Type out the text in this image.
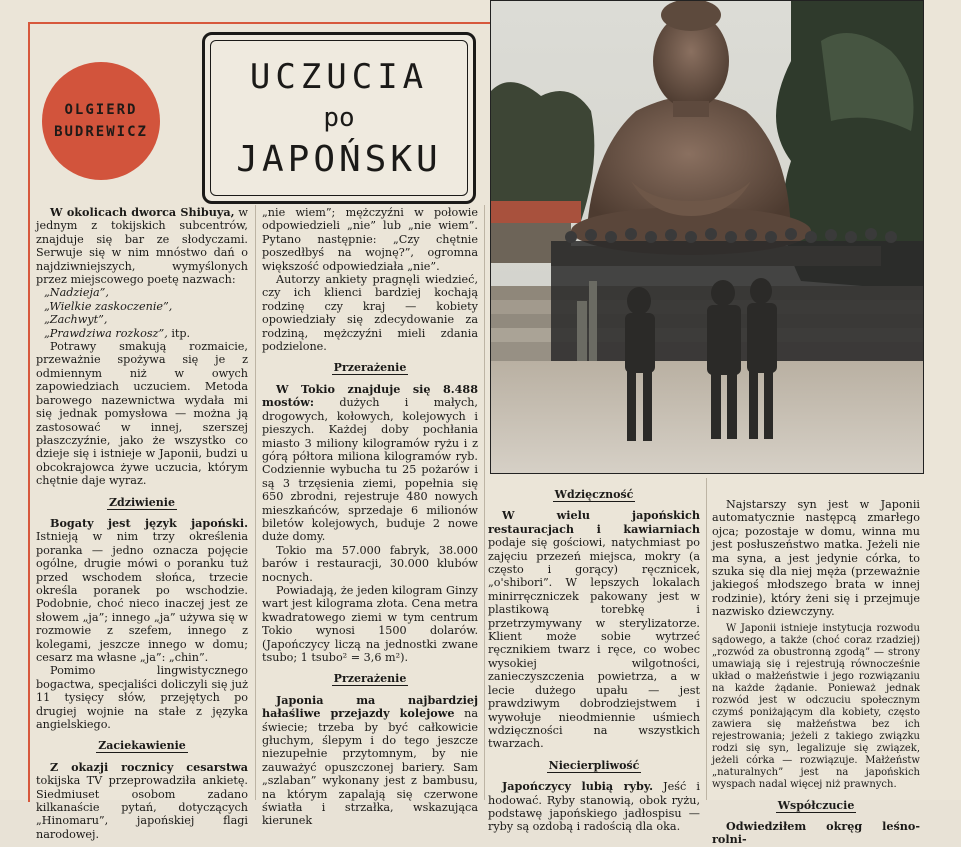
OLGIERD
BUDREWICZ
UCZUCIA
po
JAPOŃSKU

W okolicach dworca Shibuya, w jednym z tokijskich subcentrów, znajduje się bar ze słodyczami. Serwuje się w nim mnóstwo dań o najdziwniejszych, wymyślonych przez miejscowego poetę nazwach:

„Nadzieja”,

„Wielkie zaskoczenie”,

„Zachwyt”,

„Prawdziwa rozkosz”, itp.

Potrawy smakują rozmaicie, przeważnie spożywa się je z odmiennym niż w owych zapowiedziach uczuciem. Metoda barowego nazewnictwa wydała mi się jednak pomysłowa — można ją zastosować w innej, szerszej płaszczyźnie, jako że wszystko co dzieje się i istnieje w Japonii, budzi u obcokrajowca żywe uczucia, którym chętnie daje wyraz.

Zdziwienie

Bogaty jest język japoński. Istnieją w nim trzy określenia poranka — jedno oznacza pojęcie ogólne, drugie mówi o poranku tuż przed wschodem słońca, trzecie określa poranek po wschodzie. Podobnie, choć nieco inaczej jest ze słowem „ja”; innego „ja” używa się w rozmowie z szefem, innego z kolegami, jeszcze innego w domu; cesarz ma własne „ja”: „chin”.

Pomimo lingwistycznego bogactwa, specjaliści doliczyli się już 11 tysięcy słów, przejętych po drugiej wojnie na stałe z języka angielskiego.

Zaciekawienie

Z okazji rocznicy cesarstwa tokijska TV przeprowadziła ankietę. Siedmiuset osobom zadano kilkanaście pytań, dotyczących „Hinomaru”, japońskiej flagi narodowej.

„nie wiem”; mężczyźni w połowie odpowiedzieli „nie” lub „nie wiem”. Pytano następnie: „Czy chętnie poszedłbyś na wojnę?”, ogromna większość odpowiedziała „nie”.

Autorzy ankiety pragnęli wiedzieć, czy ich klienci bardziej kochają rodzinę czy kraj — kobiety opowiedziały się zdecydowanie za rodziną, mężczyźni mieli zdania podzielone.

Przerażenie

W Tokio znajduje się 8.488 mostów: dużych i małych, drogowych, kołowych, kolejowych i pieszych. Każdej doby pochłania miasto 3 miliony kilogramów ryżu i z górą półtora miliona kilogramów ryb. Codziennie wybucha tu 25 pożarów i są 3 trzęsienia ziemi, popełnia się 650 zbrodni, rejestruje 480 nowych mieszkańców, sprzedaje 6 milionów biletów kolejowych, buduje 2 nowe duże domy.

Tokio ma 57.000 fabryk, 38.000 barów i restauracji, 30.000 klubów nocnych.

Powiadają, że jeden kilogram Ginzy wart jest kilograma złota. Cena metra kwadratowego ziemi w tym centrum Tokio wynosi 1500 dolarów. (Japończycy liczą na jednostki zwane tsubo; 1 tsubo² = 3,6 m²).

Przerażenie

Japonia ma najbardziej hałaśliwe przejazdy kolejowe na świecie; trzeba by być całkowicie głuchym, ślepym i do tego jeszcze niezupełnie przytomnym, by nie zauważyć opuszczonej bariery. Sam „szlaban” wykonany jest z bambusu, na którym zapalają się czerwone światła i strzałka, wskazująca kierunek

Wdzięczność

W wielu japońskich restauracjach i kawiarniach podaje się gościowi, natychmiast po zajęciu przezeń miejsca, mokry (a często i gorący) ręcznicek, „o'shibori”. W lepszych lokalach minirręczniczek pakowany jest w plastikową torebkę i przetrzymywany w sterylizatorze. Klient może sobie wytrzeć ręcznikiem twarz i ręce, co wobec wysokiej wilgotności, zanieczyszczenia powietrza, a w lecie dużego upału — jest prawdziwym dobrodziejstwem i wywołuje nieodmiennie uśmiech wdzięczności na wszystkich twarzach.

Niecierpliwość

Japończycy lubią ryby. Jeść i hodować. Ryby stanowią, obok ryżu, podstawę japońskiego jadłospisu — ryby są ozdobą i radością dla oka.

Najstarszy syn jest w Japonii automatycznie następcą zmarłego ojca; pozostaje w domu, winna mu jest posłuszeństwo matka. Jeżeli nie ma syna, a jest jedynie córka, to szuka się dla niej męża (przeważnie jakiegoś młodszego brata w innej rodzinie), który żeni się i przejmuje nazwisko dziewczyny.

W Japonii istnieje instytucja rozwodu sądowego, a także (choć coraz rzadziej) „rozwód za obustronną zgodą” — strony umawiają się i rejestrują równocześnie układ o małżeństwie i jego rozwiązaniu na każde żądanie. Ponieważ jednak rozwód jest w odczuciu społecznym czymś poniżającym dla kobiety, często zawiera się małżeństwa bez ich rejestrowania; jeżeli z takiego związku rodzi się syn, legalizuje się związek, jeżeli córka — rozwiązuje. Małżeństw „naturalnych” jest na japońskich wyspach nadal więcej niż prawnych.

Współczucie

Odwiedziłem okręg leśno-rolni-
